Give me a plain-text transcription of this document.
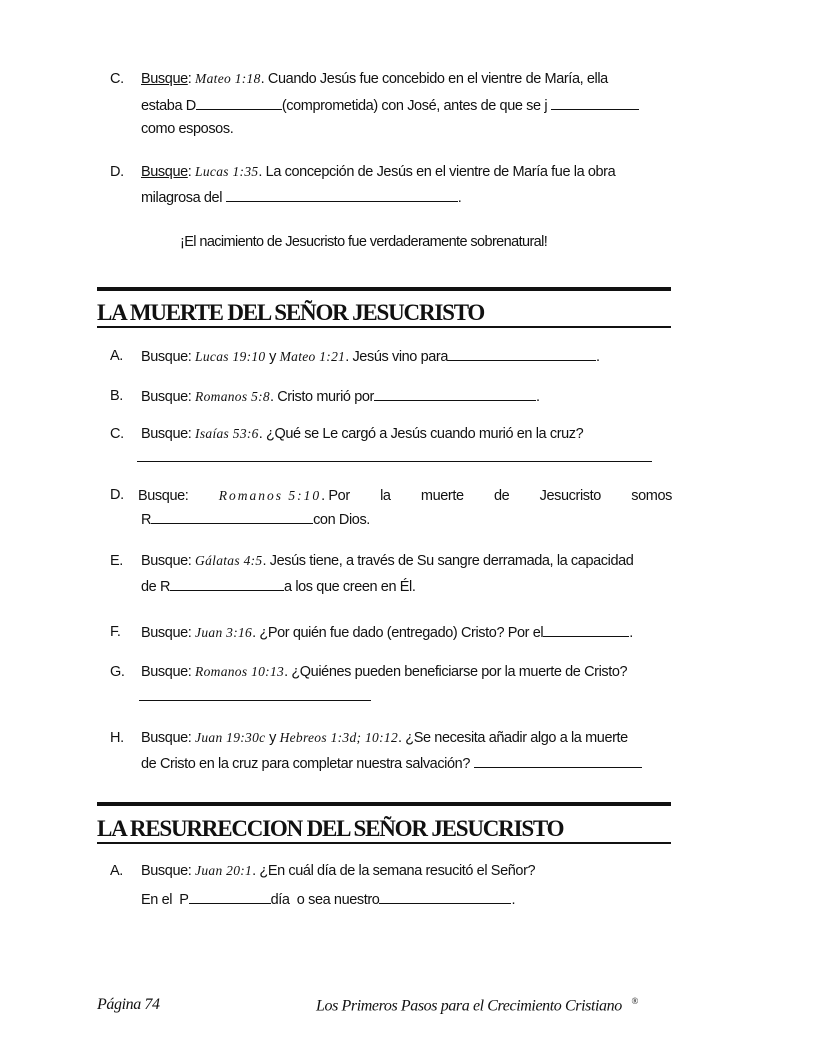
C. Busque: Mateo 1:18. Cuando Jesús fue concebido en el vientre de María, ella
estaba D	(comprometida) con José, antes de que se j
como esposos.
D. Busque: Lucas 1:35. La concepción de Jesús en el vientre de María fue la obra
milagrosa del	.
¡El nacimiento de Jesucristo fue verdaderamente sobrenatural!
LA MUERTE DEL SEÑOR JESUCRISTO
A. Busque: Lucas 19:10 y Mateo 1:21. Jesús vino para	.
B. Busque: Romanos 5:8. Cristo murió por	.
C. Busque: Isaías 53:6. ¿Qué se Le cargó a Jesús cuando murió en la cruz?
D. Busque: Romanos 5:10. Por la muerte de Jesucristo somos
R	con Dios.
E. Busque: Gálatas 4:5. Jesús tiene, a través de Su sangre derramada, la capacidad
de R	a los que creen en Él.
F. Busque: Juan 3:16. ¿Por quién fue dado (entregado) Cristo? Por el	.
G. Busque: Romanos 10:13. ¿Quiénes pueden beneficiarse por la muerte de Cristo?
H. Busque: Juan 19:30c y Hebreos 1:3d; 10:12. ¿Se necesita añadir algo a la muerte
de Cristo en la cruz para completar nuestra salvación?
LA RESURRECCION DEL SEÑOR JESUCRISTO
A. Busque: Juan 20:1. ¿En cuál día de la semana resucitó el Señor?
En el  P	día  o sea nuestro	.
Página 74	Los Primeros Pasos para el Crecimiento Cristiano ®
